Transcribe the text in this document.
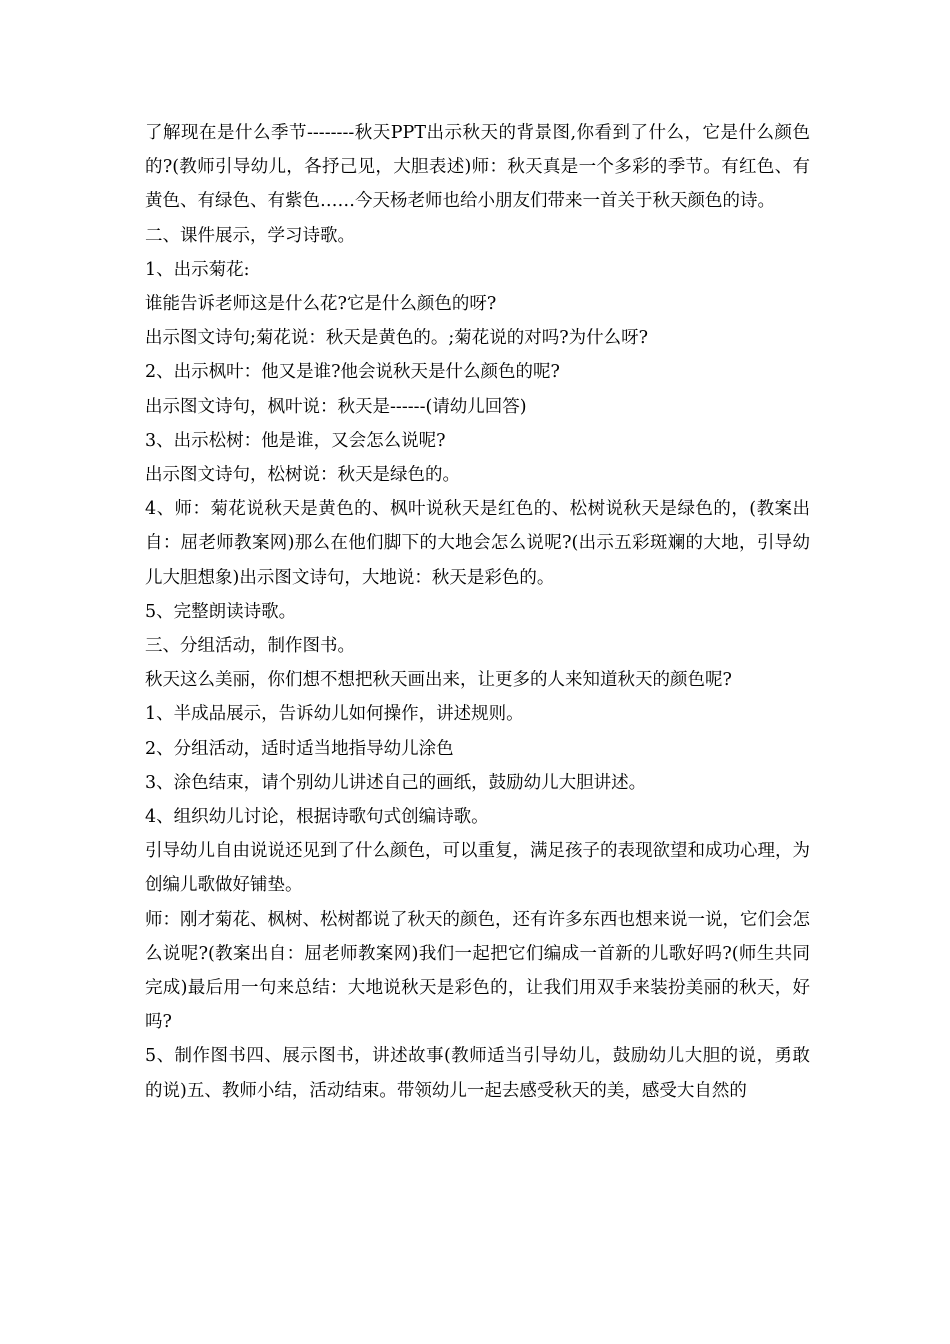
了解现在是什么季节--------秋天PPT出示秋天的背景图,你看到了什么，它是什么颜色的?(教师引导幼儿，各抒己见，大胆表述)师：秋天真是一个多彩的季节。有红色、有黄色、有绿色、有紫色……今天杨老师也给小朋友们带来一首关于秋天颜色的诗。

二、课件展示，学习诗歌。

1、出示菊花:

谁能告诉老师这是什么花?它是什么颜色的呀?

出示图文诗句;菊花说：秋天是黄色的。;菊花说的对吗?为什么呀?

2、出示枫叶：他又是谁?他会说秋天是什么颜色的呢?

出示图文诗句，枫叶说：秋天是------(请幼儿回答)

3、出示松树：他是谁，又会怎么说呢?

出示图文诗句，松树说：秋天是绿色的。

4、师：菊花说秋天是黄色的、枫叶说秋天是红色的、松树说秋天是绿色的，(教案出自：屈老师教案网)那么在他们脚下的大地会怎么说呢?(出示五彩斑斓的大地，引导幼儿大胆想象)出示图文诗句，大地说：秋天是彩色的。

5、完整朗读诗歌。

三、分组活动，制作图书。

秋天这么美丽，你们想不想把秋天画出来，让更多的人来知道秋天的颜色呢?

1、半成品展示，告诉幼儿如何操作，讲述规则。

2、分组活动，适时适当地指导幼儿涂色

3、涂色结束，请个别幼儿讲述自己的画纸，鼓励幼儿大胆讲述。

4、组织幼儿讨论，根据诗歌句式创编诗歌。

引导幼儿自由说说还见到了什么颜色，可以重复，满足孩子的表现欲望和成功心理，为创编儿歌做好铺垫。

师：刚才菊花、枫树、松树都说了秋天的颜色，还有许多东西也想来说一说，它们会怎么说呢?(教案出自：屈老师教案网)我们一起把它们编成一首新的儿歌好吗?(师生共同完成)最后用一句来总结：大地说秋天是彩色的，让我们用双手来装扮美丽的秋天，好吗?

5、制作图书四、展示图书，讲述故事(教师适当引导幼儿，鼓励幼儿大胆的说，勇敢的说)五、教师小结，活动结束。带领幼儿一起去感受秋天的美，感受大自然的
